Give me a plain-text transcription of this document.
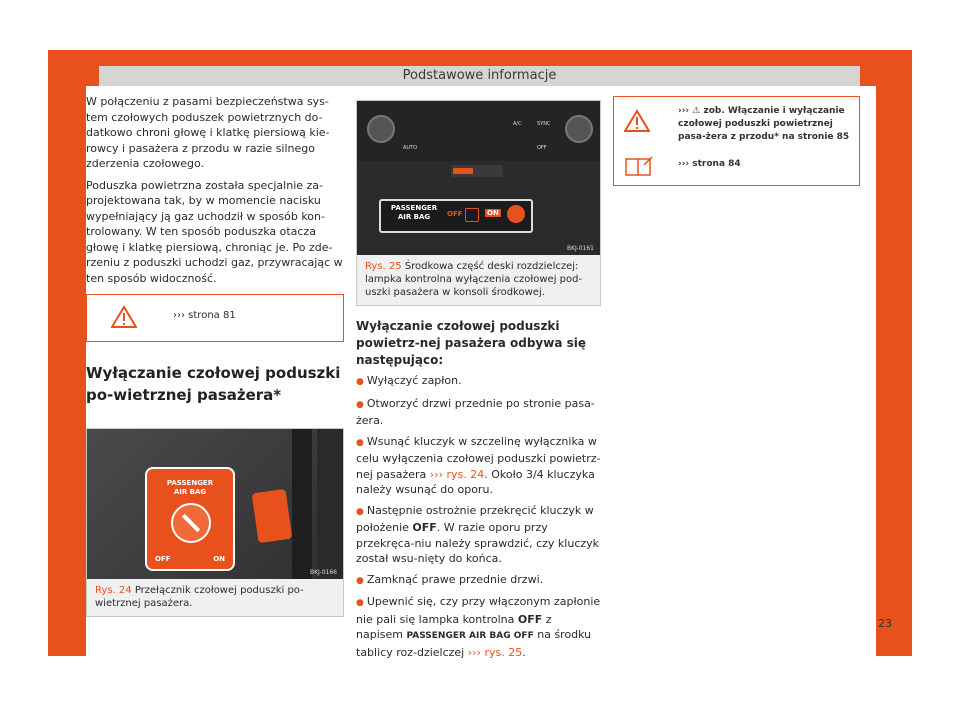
Podstawowe informacje

W połączeniu z pasami bezpieczeństwa sys-tem czołowych poduszek powietrznych do-datkowo chroni głowę i klatkę piersiową kie-rowcy i pasażera z przodu w razie silnego zderzenia czołowego.

Poduszka powietrzna została specjalnie za-projektowana tak, by w momencie nacisku wypełniający ją gaz uchodził w sposób kon-trolowany. W ten sposób poduszka otacza głowę i klatkę piersiową, chroniąc je. Po zde-rzeniu z poduszki uchodzi gaz, przywracając w ten sposób widoczność.

››› strona 81
Wyłączanie czołowej poduszki po-wietrznej pasażera*
PASSENGER
AIR BAG
OFF	ON
BKJ-0166
Rys. 24 Przełącznik czołowej poduszki po-wietrznej pasażera.
A/C	SYNC
AUTO	OFF
PASSENGER
AIR BAG	OFF	ON
BKJ-0161
Rys. 25 Środkowa część deski rozdzielczej: lampka kontrolna wyłączenia czołowej pod-uszki pasażera w konsoli środkowej.
Wyłączanie czołowej poduszki powietrz-nej pasażera odbywa się następująco:
● Wyłączyć zapłon.
● Otworzyć drzwi przednie po stronie pasa-żera.
● Wsunąć kluczyk w szczelinę wyłącznika w celu wyłączenia czołowej poduszki powietrz-nej pasażera ››› rys. 24. Około 3/4 kluczyka należy wsunąć do oporu.
● Następnie ostrożnie przekręcić kluczyk w położenie OFF. W razie oporu przy przekręca-niu należy sprawdzić, czy kluczyk został wsu-nięty do końca.
● Zamknąć prawe przednie drzwi.
● Upewnić się, czy przy włączonym zapłonie nie pali się lampka kontrolna OFF z napisem PASSENGER AIR BAG OFF na środku tablicy roz-dzielczej ››› rys. 25.
››› ⚠ zob. Włączanie i wyłączanie czołowej poduszki powietrznej pasa-żera z przodu* na stronie 85
››› strona 84
23
